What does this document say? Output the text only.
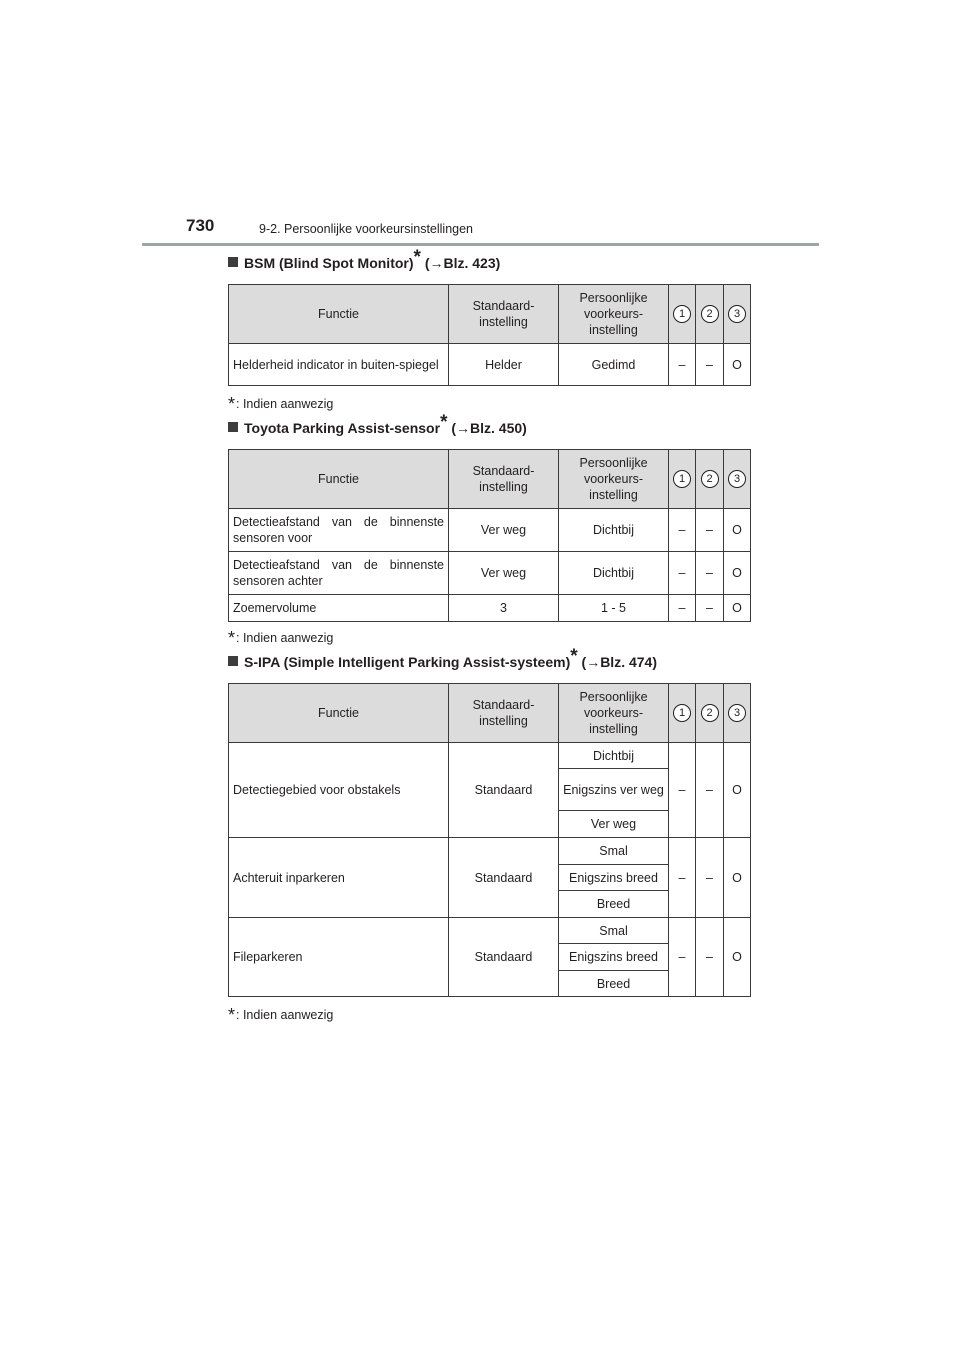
730	9-2. Persoonlijke voorkeursinstellingen
BSM (Blind Spot Monitor)* (→Blz. 423)
Functie	Standaard-instelling	Persoonlijke voorkeurs-instelling	1	2	3
Helderheid indicator in buiten-spiegel	Helder	Gedimd	–	–	O
*: Indien aanwezig
Toyota Parking Assist-sensor* (→Blz. 450)
Functie	Standaard-instelling	Persoonlijke voorkeurs-instelling	1	2	3
Detectieafstand van de binnenste sensoren voor	Ver weg	Dichtbij	–	–	O
Detectieafstand van de binnenste sensoren achter	Ver weg	Dichtbij	–	–	O
Zoemervolume	3	1 - 5	–	–	O
*: Indien aanwezig
S-IPA (Simple Intelligent Parking Assist-systeem)* (→Blz. 474)
Functie	Standaard-instelling	Persoonlijke voorkeurs-instelling	1	2	3
Detectiegebied voor obstakels	Standaard	Dichtbij	–	–	O
		Enigszins ver weg			
		Ver weg			
Achteruit inparkeren	Standaard	Smal	–	–	O
		Enigszins breed			
		Breed			
Fileparkeren	Standaard	Smal	–	–	O
		Enigszins breed			
		Breed			
*: Indien aanwezig
